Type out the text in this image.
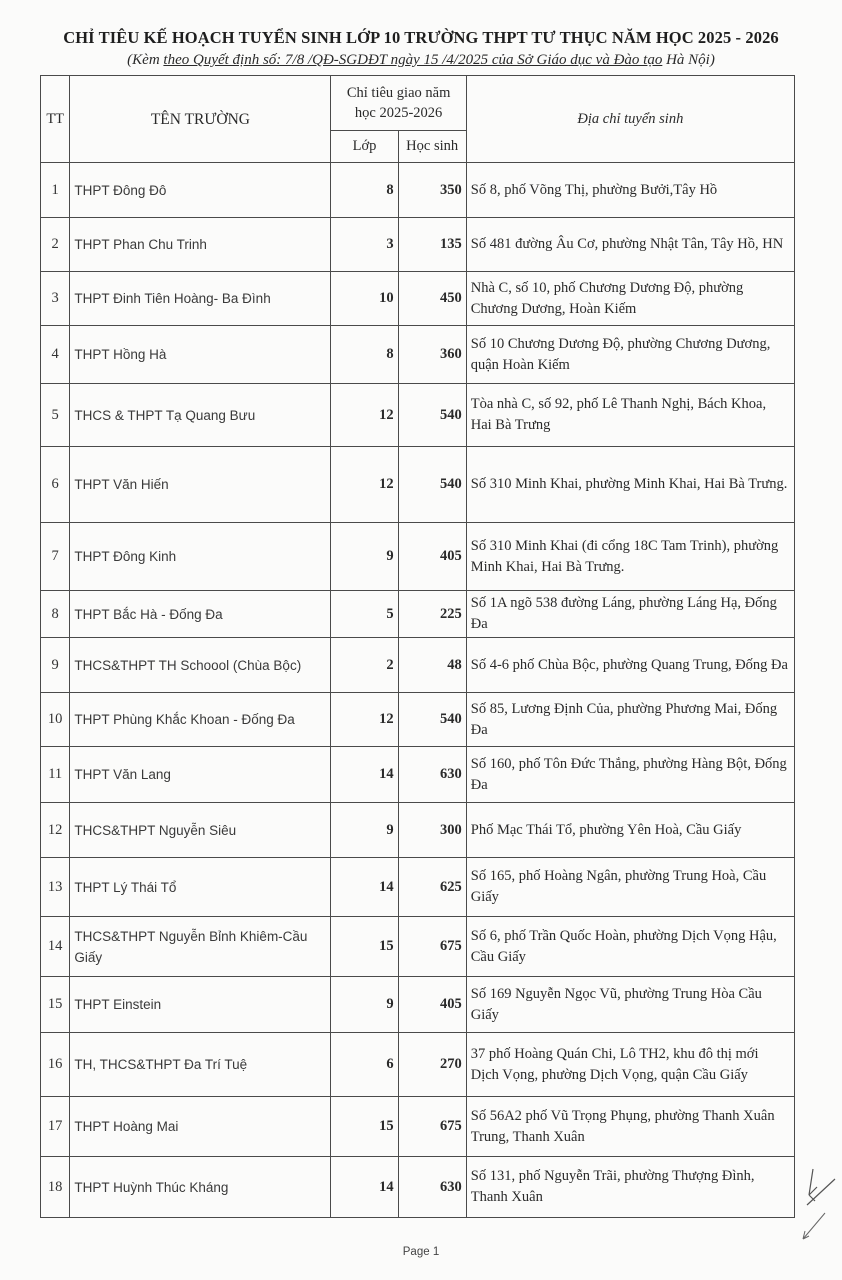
CHỈ TIÊU KẾ HOẠCH TUYỂN SINH LỚP 10 TRƯỜNG THPT TƯ THỤC NĂM HỌC 2025 - 2026
(Kèm theo Quyết định số: 7/8 /QĐ-SGDĐT ngày 15 /4/2025 của Sở Giáo dục và Đào tạo Hà Nội)
TT	TÊN TRƯỜNG	Chỉ tiêu giao năm học 2025-2026		Địa chỉ tuyển sinh
		Lớp	Học sinh	
1	THPT Đông Đô	8	350	Số 8, phố Võng Thị, phường Bưởi,Tây Hồ
2	THPT Phan Chu Trinh	3	135	Số 481 đường Âu Cơ, phường Nhật Tân, Tây Hồ, HN
3	THPT Đinh Tiên Hoàng- Ba Đình	10	450	Nhà C, số 10, phố Chương Dương Độ, phường Chương Dương, Hoàn Kiếm
4	THPT Hồng Hà	8	360	Số 10 Chương Dương Độ, phường Chương Dương, quận Hoàn Kiếm
5	THCS & THPT Tạ Quang Bưu	12	540	Tòa nhà C, số 92, phố Lê Thanh Nghị, Bách Khoa, Hai Bà Trưng
6	THPT Văn Hiến	12	540	Số 310 Minh Khai, phường Minh Khai, Hai Bà Trưng.
7	THPT Đông Kinh	9	405	Số 310 Minh Khai (đi cổng 18C Tam Trinh), phường Minh Khai, Hai Bà Trưng.
8	THPT Bắc Hà - Đống Đa	5	225	Số 1A ngõ 538 đường Láng, phường Láng Hạ, Đống Đa
9	THCS&THPT TH Schoool (Chùa Bộc)	2	48	Số 4-6 phố Chùa Bộc, phường Quang Trung, Đống Đa
10	THPT Phùng Khắc Khoan - Đống Đa	12	540	Số 85, Lương Định Của, phường Phương Mai, Đống Đa
11	THPT Văn Lang	14	630	Số 160, phố Tôn Đức Thắng, phường Hàng Bột, Đống Đa
12	THCS&THPT Nguyễn Siêu	9	300	Phố Mạc Thái Tổ, phường Yên Hoà, Cầu Giấy
13	THPT Lý Thái Tổ	14	625	Số 165, phố Hoàng Ngân, phường Trung Hoà, Cầu Giấy
14	THCS&THPT Nguyễn Bỉnh Khiêm-Cầu Giấy	15	675	Số 6, phố Trần Quốc Hoàn, phường Dịch Vọng Hậu, Cầu Giấy
15	THPT Einstein	9	405	Số 169 Nguyễn Ngọc Vũ, phường Trung Hòa Cầu Giấy
16	TH, THCS&THPT Đa Trí Tuệ	6	270	37 phố Hoàng Quán Chi, Lô TH2, khu đô thị mới Dịch Vọng, phường Dịch Vọng, quận Cầu Giấy
17	THPT Hoàng Mai	15	675	Số 56A2 phố Vũ Trọng Phụng, phường Thanh Xuân Trung, Thanh Xuân
18	THPT Huỳnh Thúc Kháng	14	630	Số 131, phố Nguyễn Trãi, phường Thượng Đình, Thanh Xuân
Page 1
